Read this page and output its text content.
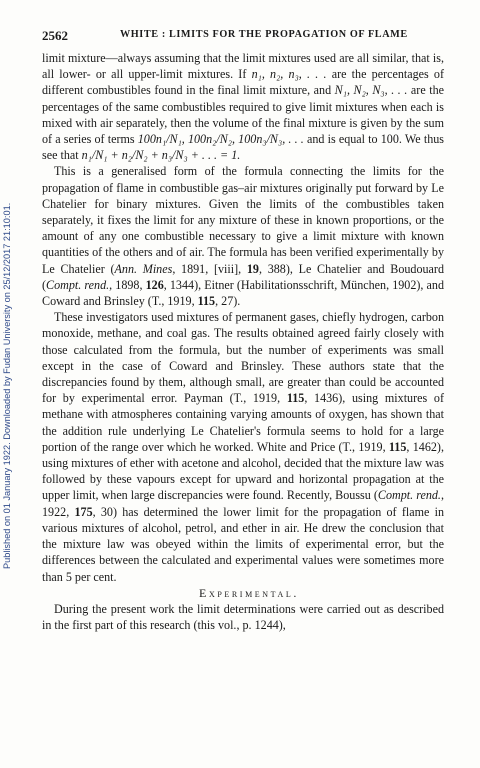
Published on 01 January 1922. Downloaded by Fudan University on 25/12/2017 21:10:01.
2562	WHITE : LIMITS FOR THE PROPAGATION OF FLAME

limit mixture—always assuming that the limit mixtures used are all similar, that is, all lower- or all upper-limit mixtures. If n₁, n₂, n₃, . . . are the percentages of different combustibles found in the final limit mixture, and N₁, N₂, N₃, . . . are the percentages of the same combustibles required to give limit mixtures when each is mixed with air separately, then the volume of the final mixture is given by the sum of a series of terms 100n₁/N₁, 100n₂/N₂, 100n₃/N₃, . . . and is equal to 100. We thus see that n₁/N₁ + n₂/N₂ + n₃/N₃ + . . . = 1.

This is a generalised form of the formula connecting the limits for the propagation of flame in combustible gas–air mixtures originally put forward by Le Chatelier for binary mixtures. Given the limits of the combustibles taken separately, it fixes the limit for any mixture of these in known proportions, or the amount of any one combustible necessary to give a limit mixture with known quantities of the others and of air. The formula has been verified experimentally by Le Chatelier (Ann. Mines, 1891, [viii], 19, 388), Le Chatelier and Boudouard (Compt. rend., 1898, 126, 1344), Eitner (Habilitationsschrift, München, 1902), and Coward and Brinsley (T., 1919, 115, 27).

These investigators used mixtures of permanent gases, chiefly hydrogen, carbon monoxide, methane, and coal gas. The results obtained agreed fairly closely with those calculated from the formula, but the number of experiments was small except in the case of Coward and Brinsley. These authors state that the discrepancies found by them, although small, are greater than could be accounted for by experimental error. Payman (T., 1919, 115, 1436), using mixtures of methane with atmospheres containing varying amounts of oxygen, has shown that the addition rule underlying Le Chatelier's formula seems to hold for a large portion of the range over which he worked. White and Price (T., 1919, 115, 1462), using mixtures of ether with acetone and alcohol, decided that the mixture law was followed by these vapours except for upward and horizontal propagation at the upper limit, when large discrepancies were found. Recently, Boussu (Compt. rend., 1922, 175, 30) has determined the lower limit for the propagation of flame in various mixtures of alcohol, petrol, and ether in air. He drew the conclusion that the mixture law was obeyed within the limits of experimental error, but the differences between the calculated and experimental values were sometimes more than 5 per cent.

Experimental.

During the present work the limit determinations were carried out as described in the first part of this research (this vol., p. 1244),
